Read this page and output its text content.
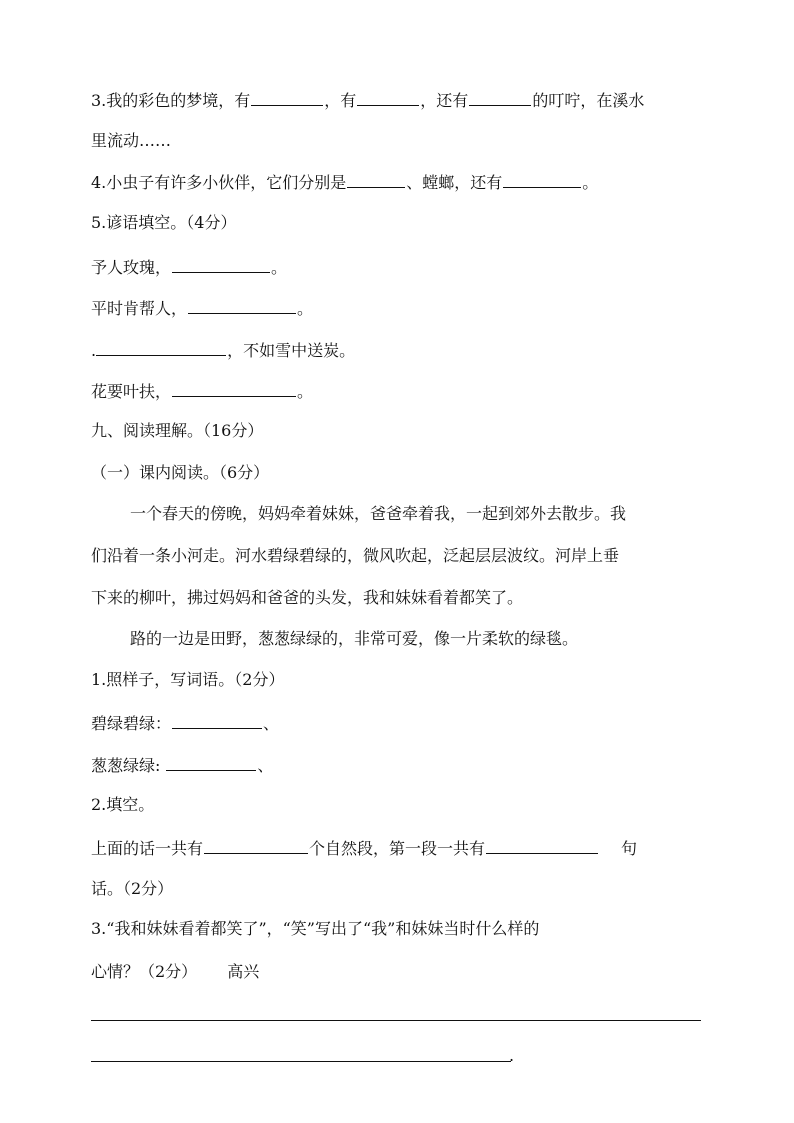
3.我的彩色的梦境，有	，有	，还有	的叮咛，在溪水
里流动……
4.小虫子有许多小伙伴，它们分别是	、螳螂，还有	。
5.谚语填空。（4分）
予人玫瑰，	。
平时肯帮人，	。
.	，不如雪中送炭。
花要叶扶，	。
九、阅读理解。（16分）
（一）课内阅读。（6分）
一个春天的傍晚，妈妈牵着妹妹，爸爸牵着我，一起到郊外去散步。我
们沿着一条小河走。河水碧绿碧绿的，微风吹起，泛起层层波纹。河岸上垂
下来的柳叶，拂过妈妈和爸爸的头发，我和妹妹看着都笑了。
路的一边是田野，葱葱绿绿的，非常可爱，像一片柔软的绿毯。
1.照样子，写词语。（2分）
碧绿碧绿：	、
葱葱绿绿:	、
2.填空。
上面的话一共有	个自然段，第一段一共有	句
话。（2分）
3.“我和妹妹看着都笑了”，“笑”写出了“我”和妹妹当时什么样的
心情？（2分） 高兴
.
